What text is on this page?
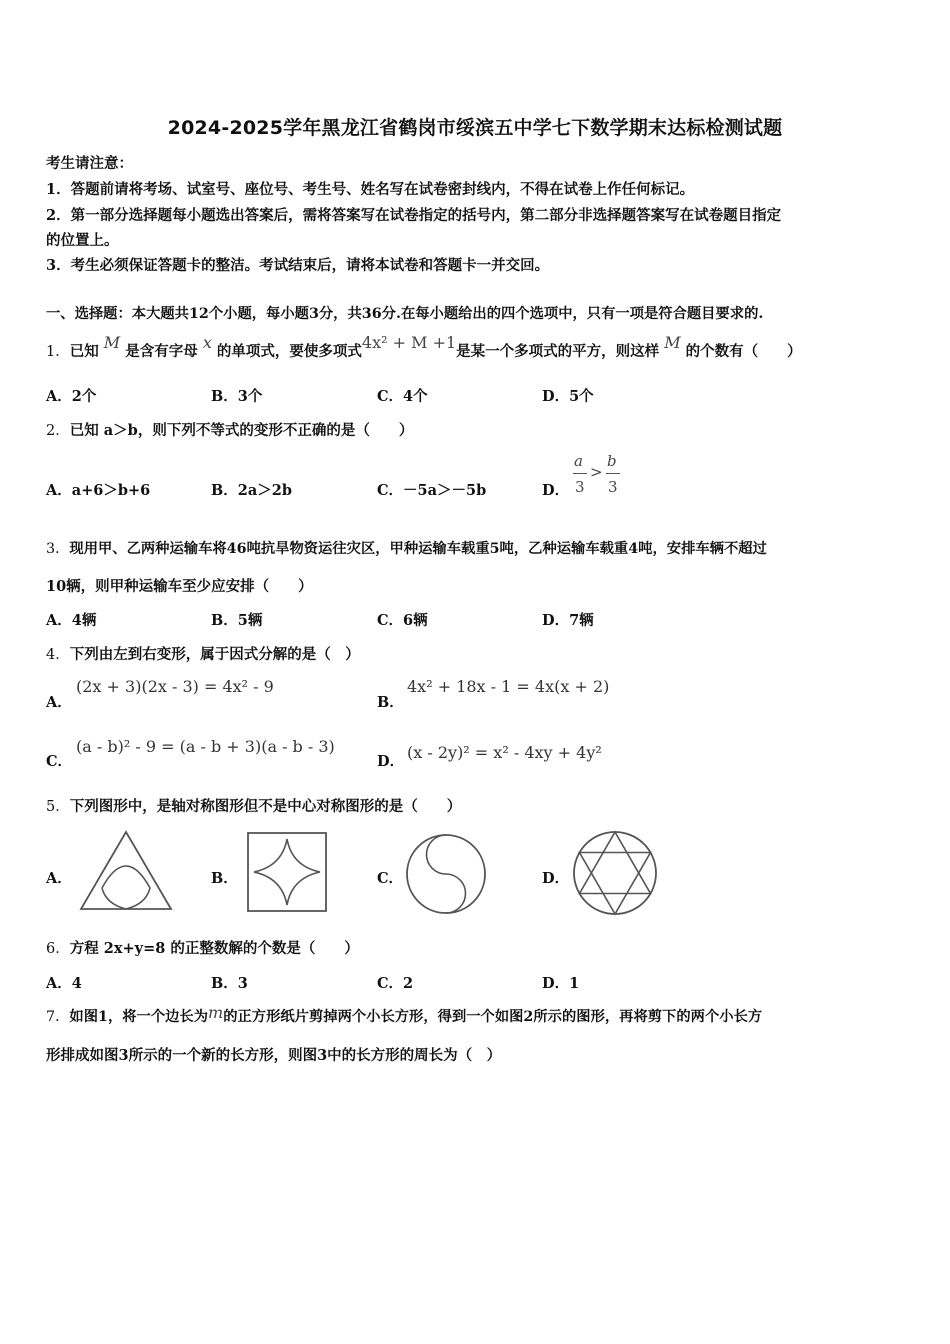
2024-2025学年黑龙江省鹤岗市绥滨五中学七下数学期末达标检测试题
考生请注意：
1．答题前请将考场、试室号、座位号、考生号、姓名写在试卷密封线内，不得在试卷上作任何标记。
2．第一部分选择题每小题选出答案后，需将答案写在试卷指定的括号内，第二部分非选择题答案写在试卷题目指定
的位置上。
3．考生必须保证答题卡的整洁。考试结束后，请将本试卷和答题卡一并交回。
一、选择题：本大题共12个小题，每小题3分，共36分.在每小题给出的四个选项中，只有一项是符合题目要求的.
1．已知 M 是含有字母 x 的单项式，要使多项式4x² + M +1是某一个多项式的平方，则这样 M 的个数有（　　）
A．2个	B．3个	C．4个	D．5个
2．已知 a＞b，则下列不等式的变形不正确的是（　　）
A．a+6＞b+6	B．2a＞2b	C．－5a＞－5b	D．
a
3
>
b
3
3．现用甲、乙两种运输车将46吨抗旱物资运往灾区，甲种运输车载重5吨，乙种运输车载重4吨，安排车辆不超过
10辆，则甲种运输车至少应安排（　　）
A．4辆	B．5辆	C．6辆	D．7辆
4．下列由左到右变形，属于因式分解的是（　）
A．
(2x + 3)(2x - 3) = 4x² - 9
B．
4x² + 18x - 1 = 4x(x + 2)
C．
(a - b)² - 9 = (a - b + 3)(a - b - 3)
D． (x - 2y)² = x² - 4xy + 4y²
5．下列图形中，是轴对称图形但不是中心对称图形的是（　　）
A．	B．	C．	D．
6．方程 2x+y=8 的正整数解的个数是（　　）
A．4	B．3	C．2	D．1
7．如图1，将一个边长为m的正方形纸片剪掉两个小长方形，得到一个如图2所示的图形，再将剪下的两个小长方
形排成如图3所示的一个新的长方形，则图3中的长方形的周长为（　）
